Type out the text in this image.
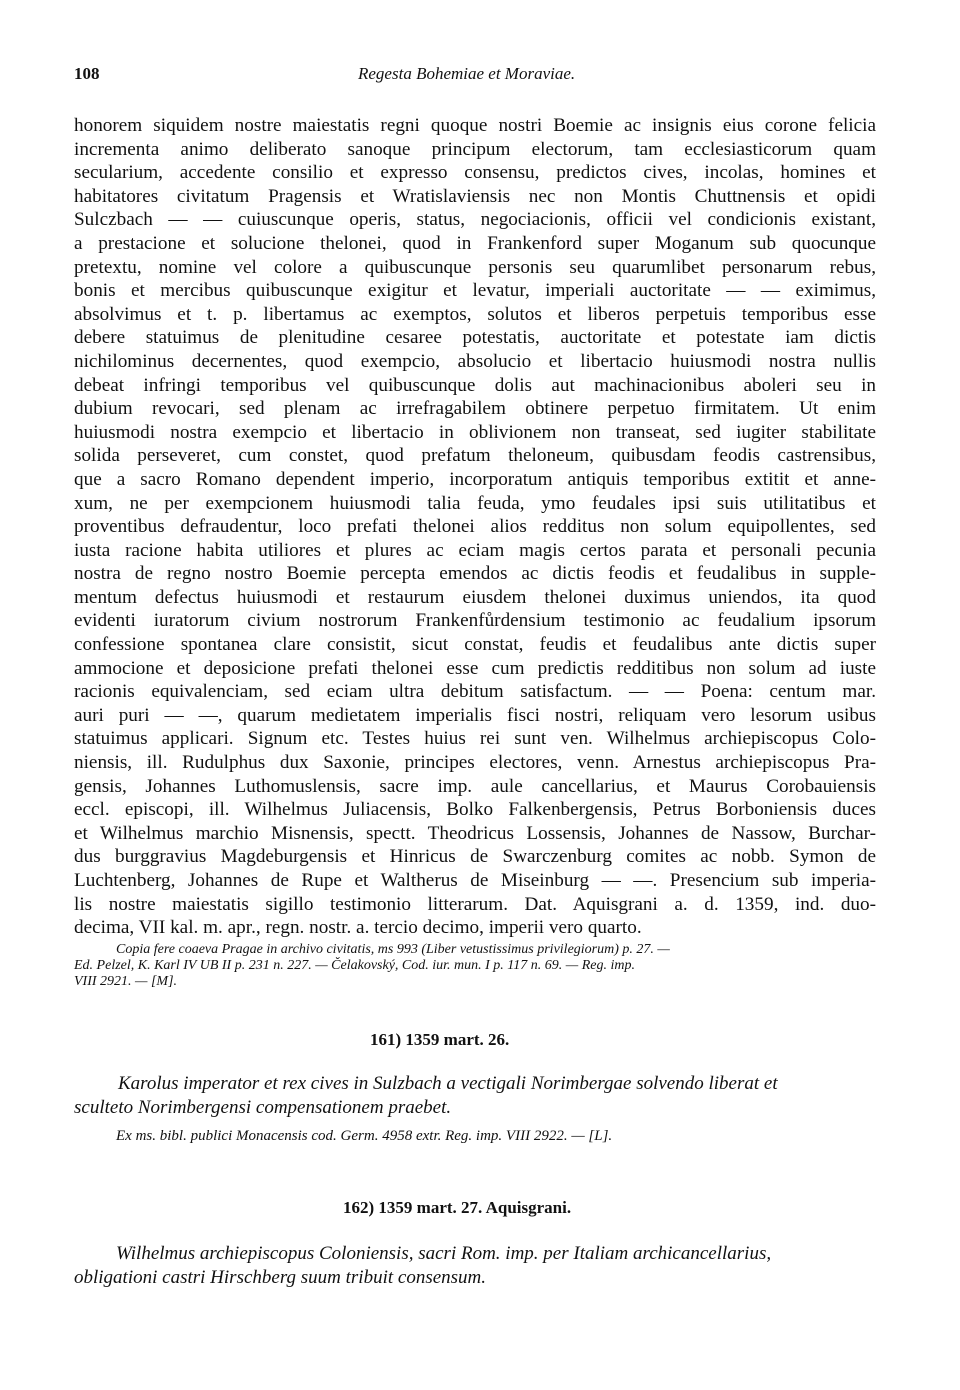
108	Regesta Bohemiae et Moraviae.
honorem siquidem nostre maiestatis regni quoque nostri Boemie ac insignis eius corone felicia
incrementa animo deliberato sanoque principum electorum, tam ecclesiasticorum quam
secularium, accedente consilio et expresso consensu, predictos cives, incolas, homines et
habitatores civitatum Pragensis et Wratislaviensis nec non Montis Chuttnensis et opidi
Sulczbach — — cuiuscunque operis, status, negociacionis, officii vel condicionis existant,
a prestacione et solucione thelonei, quod in Frankenford super Moganum sub quocunque
pretextu, nomine vel colore a quibuscunque personis seu quarumlibet personarum rebus,
bonis et mercibus quibuscunque exigitur et levatur, imperiali auctoritate — — eximimus,
absolvimus et t. p. libertamus ac exemptos, solutos et liberos perpetuis temporibus esse
debere statuimus de plenitudine cesaree potestatis, auctoritate et potestate iam dictis
nichilominus decernentes, quod exempcio, absolucio et libertacio huiusmodi nostra nullis
debeat infringi temporibus vel quibuscunque dolis aut machinacionibus aboleri seu in
dubium revocari, sed plenam ac irrefragabilem obtinere perpetuo firmitatem. Ut enim
huiusmodi nostra exempcio et libertacio in oblivionem non transeat, sed iugiter stabilitate
solida perseveret, cum constet, quod prefatum theloneum, quibusdam feodis castrensibus,
que a sacro Romano dependent imperio, incorporatum antiquis temporibus extitit et anne-
xum, ne per exempcionem huiusmodi talia feuda, ymo feudales ipsi suis utilitatibus et
proventibus defraudentur, loco prefati thelonei alios redditus non solum equipollentes, sed
iusta racione habita utiliores et plures ac eciam magis certos parata et personali pecunia
nostra de regno nostro Boemie percepta emendos ac dictis feodis et feudalibus in supple-
mentum defectus huiusmodi et restaurum eiusdem thelonei duximus uniendos, ita quod
evidenti iuratorum civium nostrorum Frankenfůrdensium testimonio ac feudalium ipsorum
confessione spontanea clare consistit, sicut constat, feudis et feudalibus ante dictis super
ammocione et deposicione prefati thelonei esse cum predictis redditibus non solum ad iuste
racionis equivalenciam, sed eciam ultra debitum satisfactum. — — Poena: centum mar.
auri puri — —, quarum medietatem imperialis fisci nostri, reliquam vero lesorum usibus
statuimus applicari. Signum etc. Testes huius rei sunt ven. Wilhelmus archiepiscopus Colo-
niensis, ill. Rudulphus dux Saxonie, principes electores, venn. Arnestus archiepiscopus Pra-
gensis, Johannes Luthomuslensis, sacre imp. aule cancellarius, et Maurus Corobauiensis
eccl. episcopi, ill. Wilhelmus Juliacensis, Bolko Falkenbergensis, Petrus Borboniensis duces
et Wilhelmus marchio Misnensis, spectt. Theodricus Lossensis, Johannes de Nassow, Burchar-
dus burggravius Magdeburgensis et Hinricus de Swarczenburg comites ac nobb. Symon de
Luchtenberg, Johannes de Rupe et Waltherus de Miseinburg — —. Presencium sub imperia-
lis nostre maiestatis sigillo testimonio litterarum. Dat. Aquisgrani a. d. 1359, ind. duo-
decima, VII kal. m. apr., regn. nostr. a. tercio decimo, imperii vero quarto.
Copia fere coaeva Pragae in archivo civitatis, ms 993 (Liber vetustissimus privilegiorum) p. 27. —
Ed. Pelzel, K. Karl IV UB II p. 231 n. 227. — Čelakovský, Cod. iur. mun. I p. 117 n. 69. — Reg. imp.
VIII 2921. — [M].
161) 1359 mart. 26.
Karolus imperator et rex cives in Sulzbach a vectigali Norimbergae solvendo liberat et
sculteto Norimbergensi compensationem praebet.
Ex ms. bibl. publici Monacensis cod. Germ. 4958 extr. Reg. imp. VIII 2922. — [L].
162) 1359 mart. 27. Aquisgrani.
Wilhelmus archiepiscopus Coloniensis, sacri Rom. imp. per Italiam archicancellarius,
obligationi castri Hirschberg suum tribuit consensum.
